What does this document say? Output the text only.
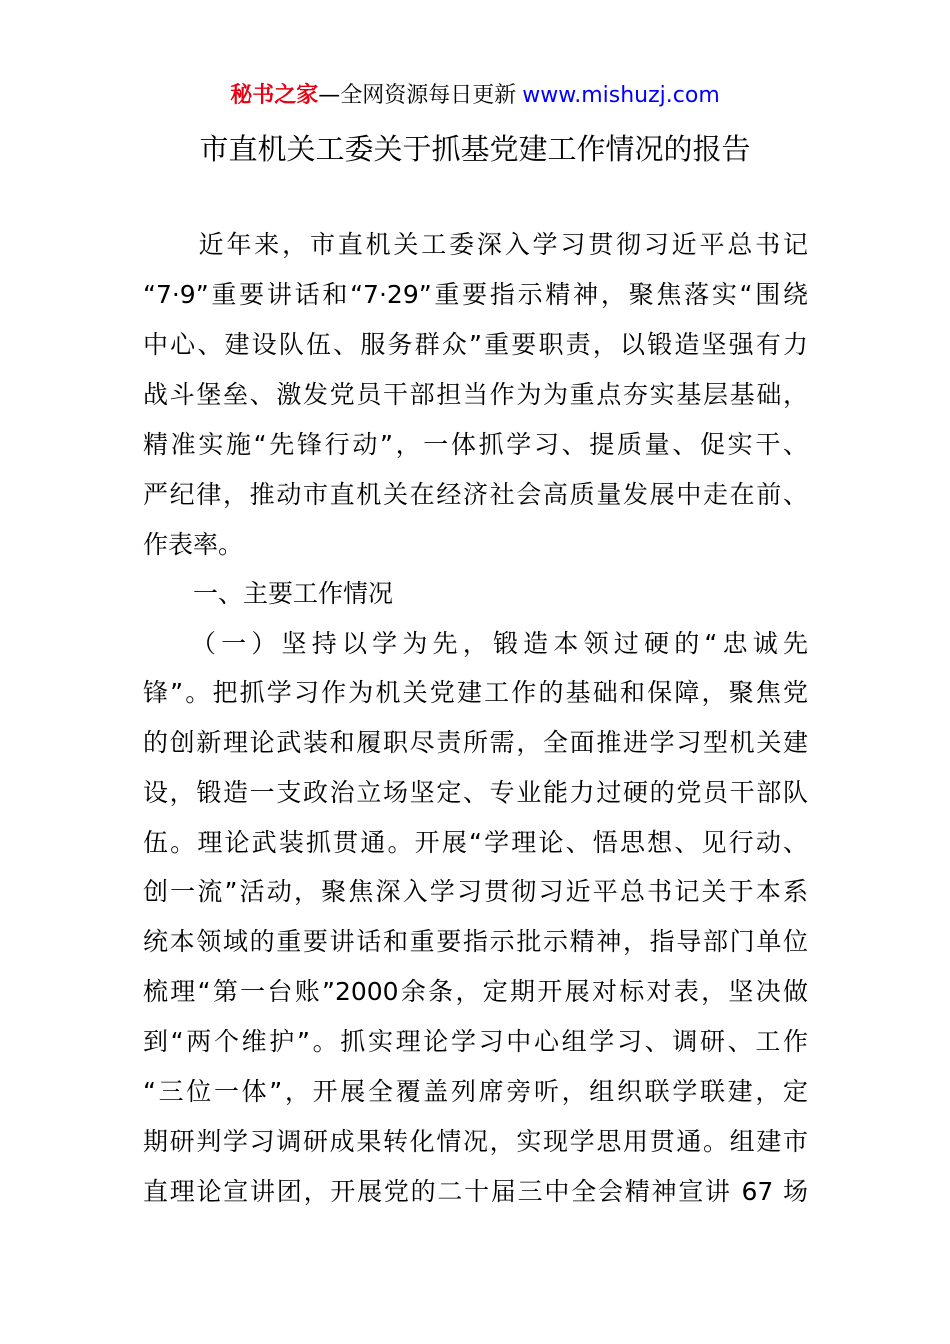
秘书之家—全网资源每日更新 www.mishuzj.com
市直机关工委关于抓基党建工作情况的报告
　　近年来，市直机关工委深入学习贯彻习近平总书记
“7·9”重要讲话和“7·29”重要指示精神，聚焦落实“围绕
中心、建设队伍、服务群众”重要职责，以锻造坚强有力
战斗堡垒、激发党员干部担当作为为重点夯实基层基础，
精准实施“先锋行动”，一体抓学习、提质量、促实干、
严纪律，推动市直机关在经济社会高质量发展中走在前、
作表率。
　　一、主要工作情况
　　（一）坚持以学为先，锻造本领过硬的“忠诚先
锋”。把抓学习作为机关党建工作的基础和保障，聚焦党
的创新理论武装和履职尽责所需，全面推进学习型机关建
设，锻造一支政治立场坚定、专业能力过硬的党员干部队
伍。理论武装抓贯通。开展“学理论、悟思想、见行动、
创一流”活动，聚焦深入学习贯彻习近平总书记关于本系
统本领域的重要讲话和重要指示批示精神，指导部门单位
梳理“第一台账”2000余条，定期开展对标对表，坚决做
到“两个维护”。抓实理论学习中心组学习、调研、工作
“三位一体”，开展全覆盖列席旁听，组织联学联建，定
期研判学习调研成果转化情况，实现学思用贯通。组建市
直理论宣讲团，开展党的二十届三中全会精神宣讲 67 场
